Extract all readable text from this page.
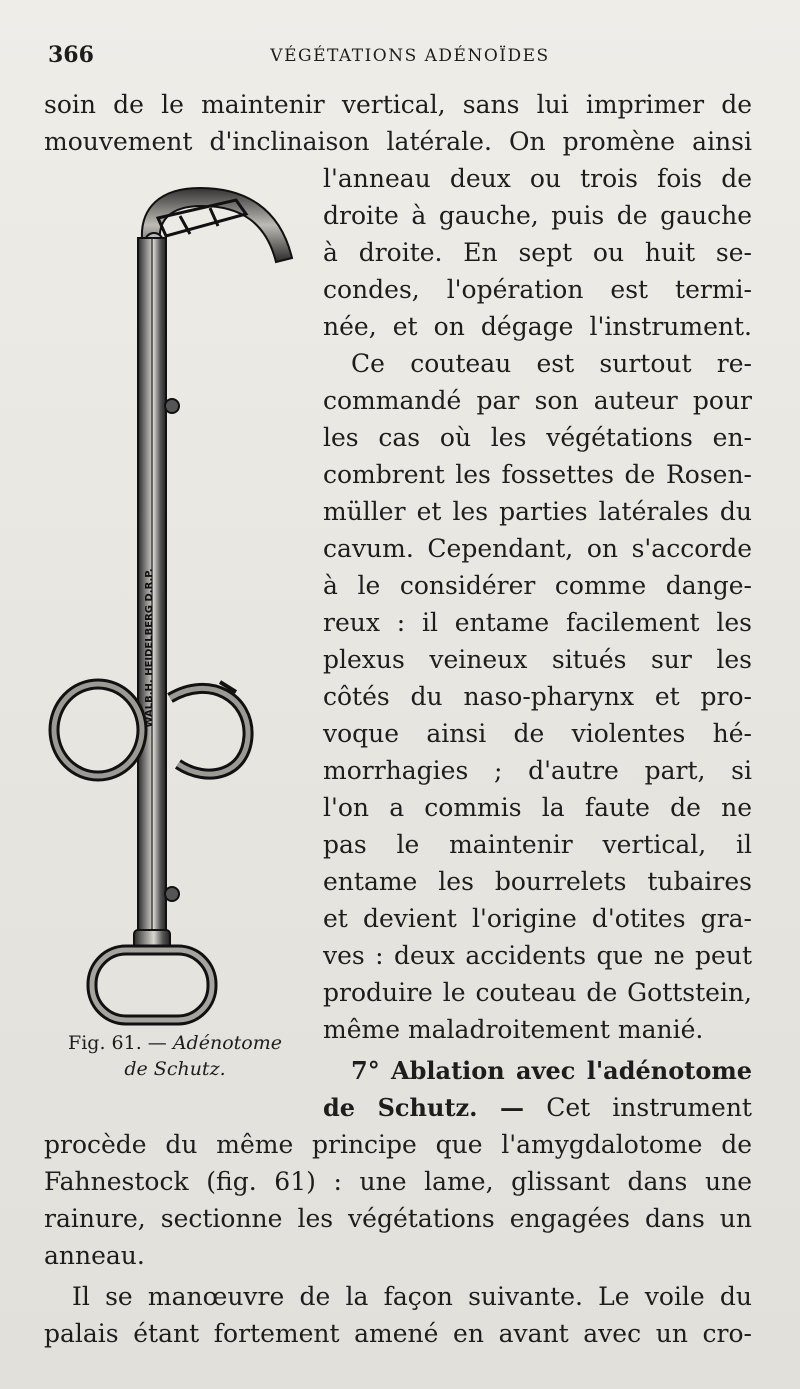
366	VÉGÉTATIONS ADÉNOÏDES
soin de le maintenir vertical, sans lui imprimer de
mouvement d'inclinaison latérale. On promène ainsi
l'anneau deux ou trois fois de
droite à gauche, puis de gauche
à droite. En sept ou huit se-
condes, l'opération est termi-
née, et on dégage l'instrument.
Ce couteau est surtout re-
commandé par son auteur pour
les cas où les végétations en-
combrent les fossettes de Rosen-
müller et les parties latérales du
cavum. Cependant, on s'accorde
à le considérer comme dange-
reux : il entame facilement les
plexus veineux situés sur les
côtés du naso-pharynx et pro-
voque ainsi de violentes hé-
morrhagies ; d'autre part, si
l'on a commis la faute de ne
pas le maintenir vertical, il
entame les bourrelets tubaires
et devient l'origine d'otites gra-
ves : deux accidents que ne peut
produire le couteau de Gottstein,
même maladroitement manié.
7° Ablation avec l'adénotome
de Schutz. — Cet instrument
procède du même principe que l'amygdalotome de
Fahnestock (fig. 61) : une lame, glissant dans une
rainure, sectionne les végétations engagées dans un
anneau.
Il se manœuvre de la façon suivante. Le voile du
palais étant fortement amené en avant avec un cro-
WALB.H. HEIDELBERG D.R.P.
Fig. 61. — Adénotome
de Schutz.
